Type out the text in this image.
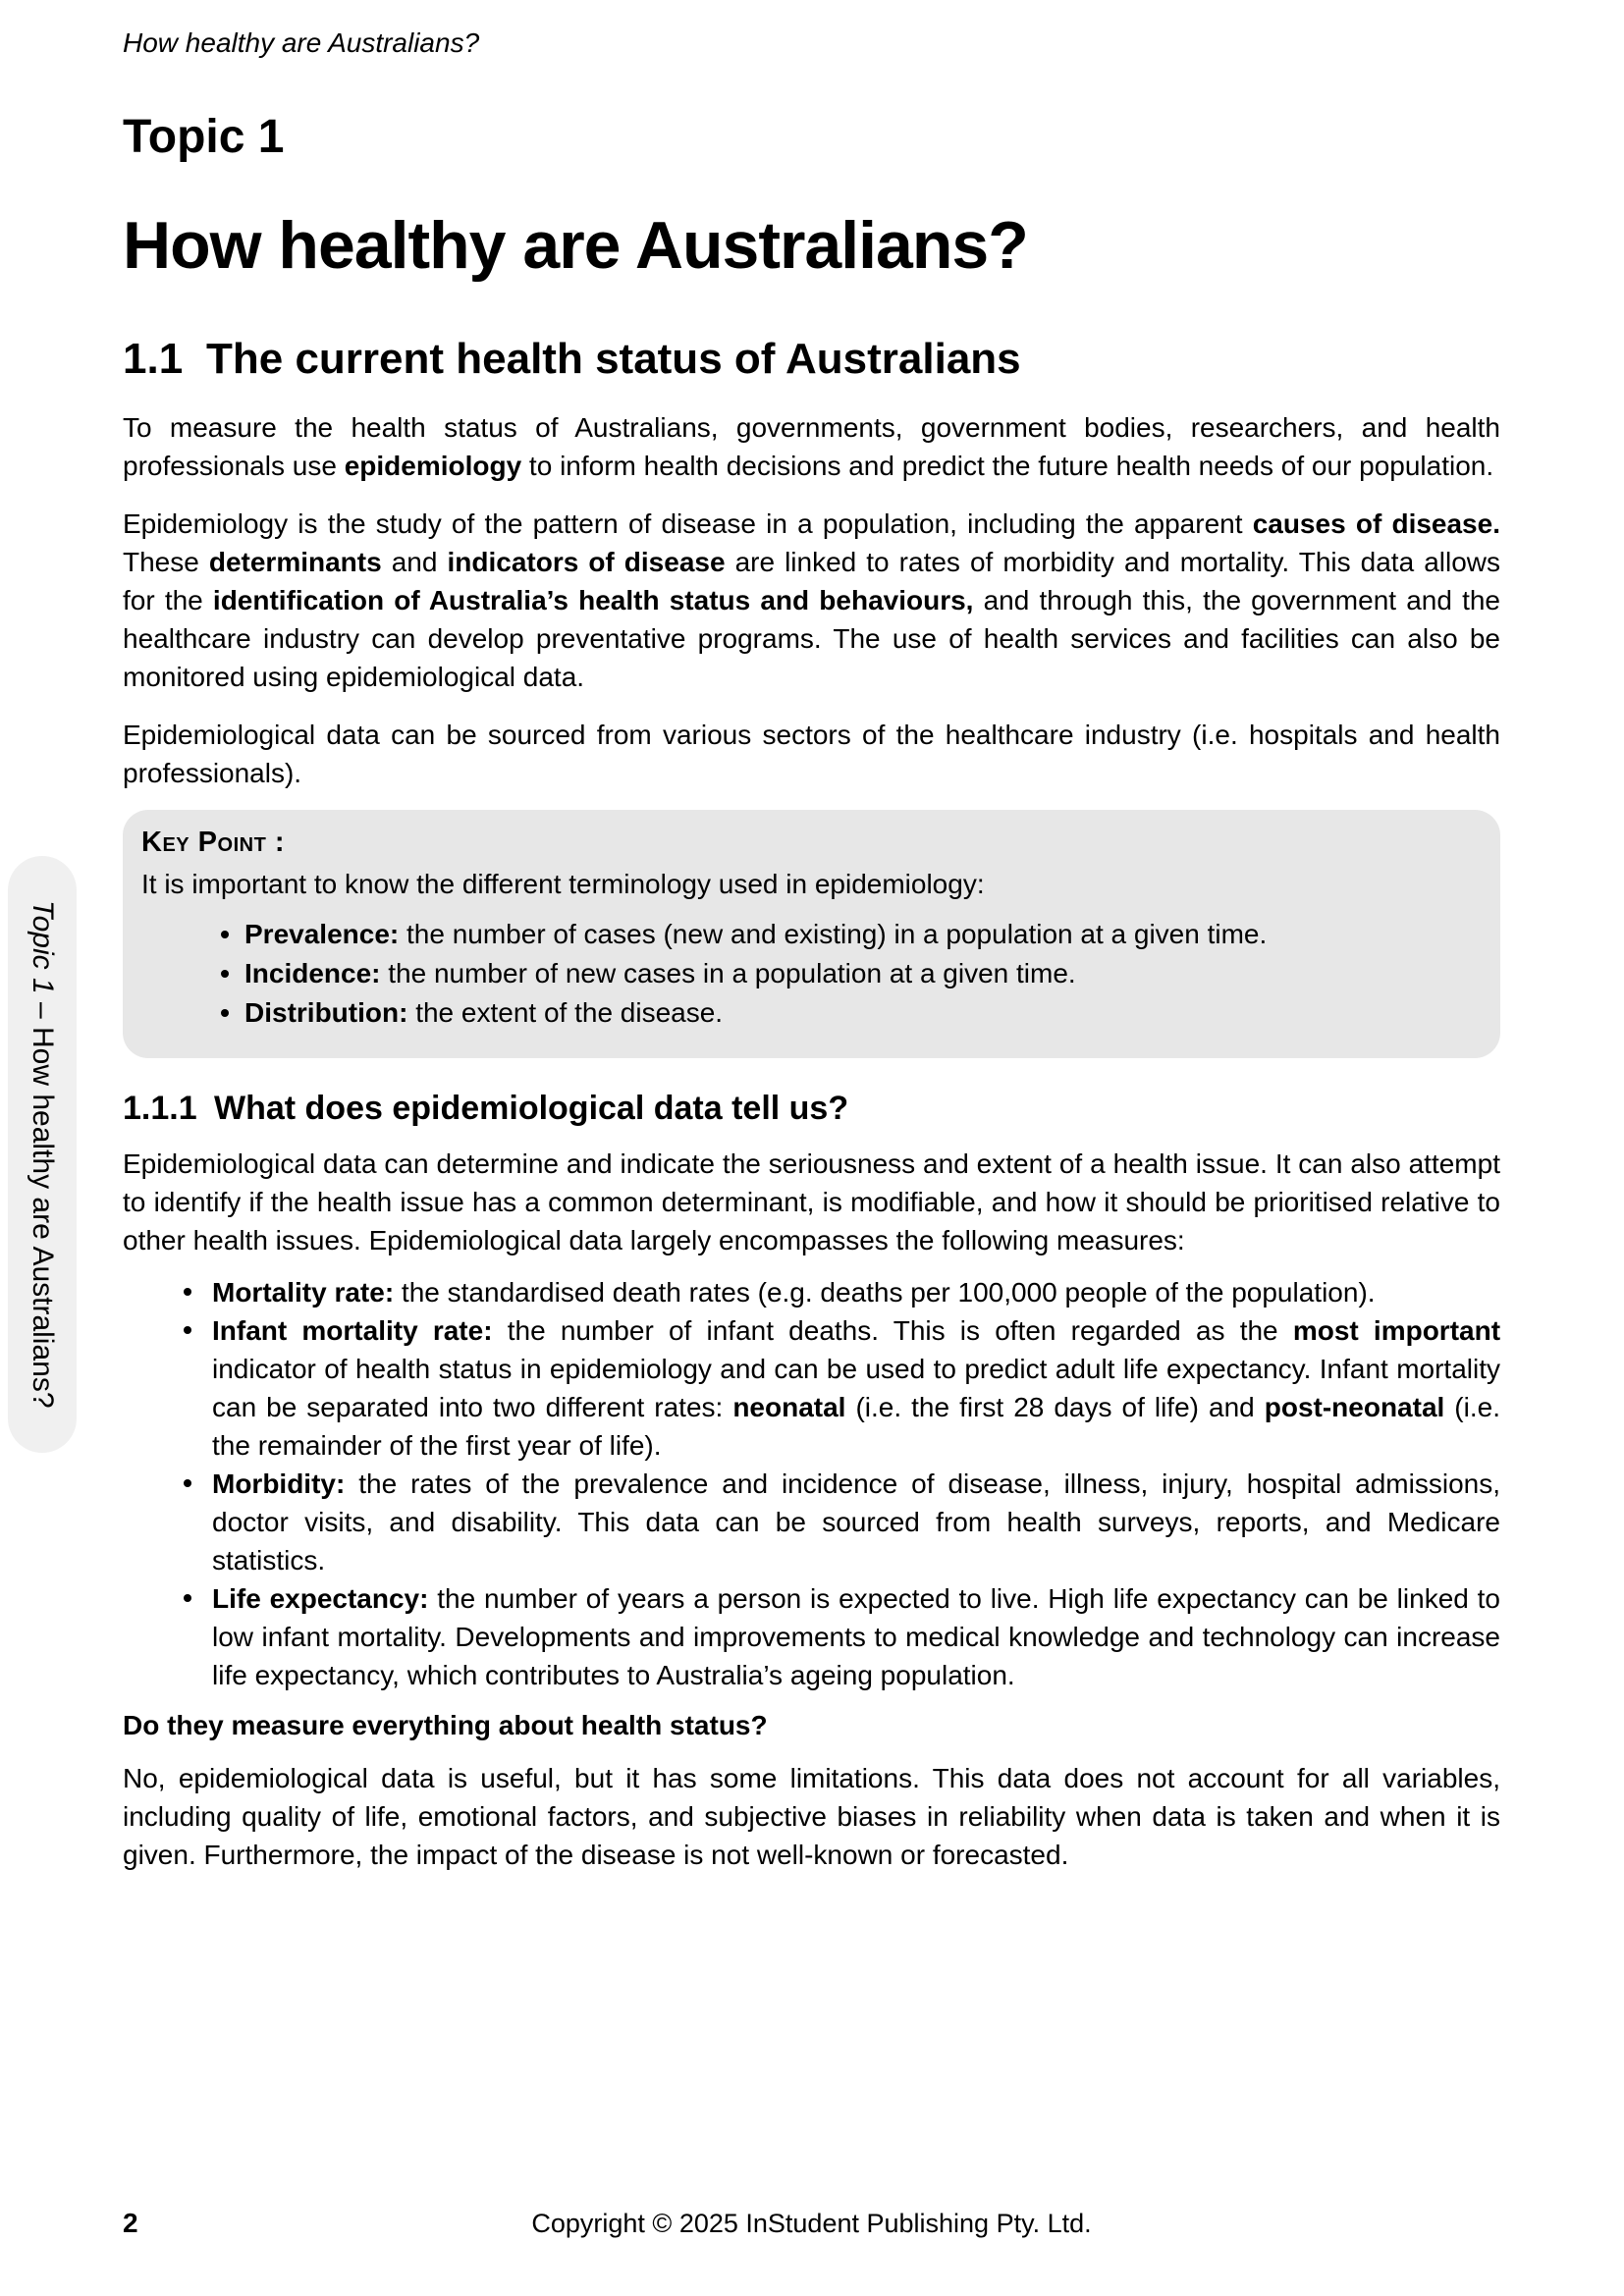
Topic 1 – How healthy are Australians?
How healthy are Australians?
Topic 1
How healthy are Australians?
1.1 The current health status of Australians

To measure the health status of Australians, governments, government bodies, researchers, and health professionals use epidemiology to inform health decisions and predict the future health needs of our population.

Epidemiology is the study of the pattern of disease in a population, including the apparent causes of disease. These determinants and indicators of disease are linked to rates of morbidity and mortality. This data allows for the identification of Australia’s health status and behaviours, and through this, the government and the healthcare industry can develop preventative programs. The use of health services and facilities can also be monitored using epidemiological data.

Epidemiological data can be sourced from various sectors of the healthcare industry (i.e. hospitals and health professionals).

Key Point :
It is important to know the different terminology used in epidemiology:
Prevalence: the number of cases (new and existing) in a population at a given time.
Incidence: the number of new cases in a population at a given time.
Distribution: the extent of the disease.
1.1.1 What does epidemiological data tell us?

Epidemiological data can determine and indicate the seriousness and extent of a health issue. It can also attempt to identify if the health issue has a common determinant, is modifiable, and how it should be prioritised relative to other health issues. Epidemiological data largely encompasses the following measures:

Mortality rate: the standardised death rates (e.g. deaths per 100,000 people of the population).
Infant mortality rate: the number of infant deaths. This is often regarded as the most important indicator of health status in epidemiology and can be used to predict adult life expectancy. Infant mortality can be separated into two different rates: neonatal (i.e. the first 28 days of life) and post-neonatal (i.e. the remainder of the first year of life).
Morbidity: the rates of the prevalence and incidence of disease, illness, injury, hospital admissions, doctor visits, and disability. This data can be sourced from health surveys, reports, and Medicare statistics.
Life expectancy: the number of years a person is expected to live. High life expectancy can be linked to low infant mortality. Developments and improvements to medical knowledge and technology can increase life expectancy, which contributes to Australia’s ageing population.
Do they measure everything about health status?

No, epidemiological data is useful, but it has some limitations. This data does not account for all variables, including quality of life, emotional factors, and subjective biases in reliability when data is taken and when it is given. Furthermore, the impact of the disease is not well-known or forecasted.

2	Copyright © 2025 InStudent Publishing Pty. Ltd.
